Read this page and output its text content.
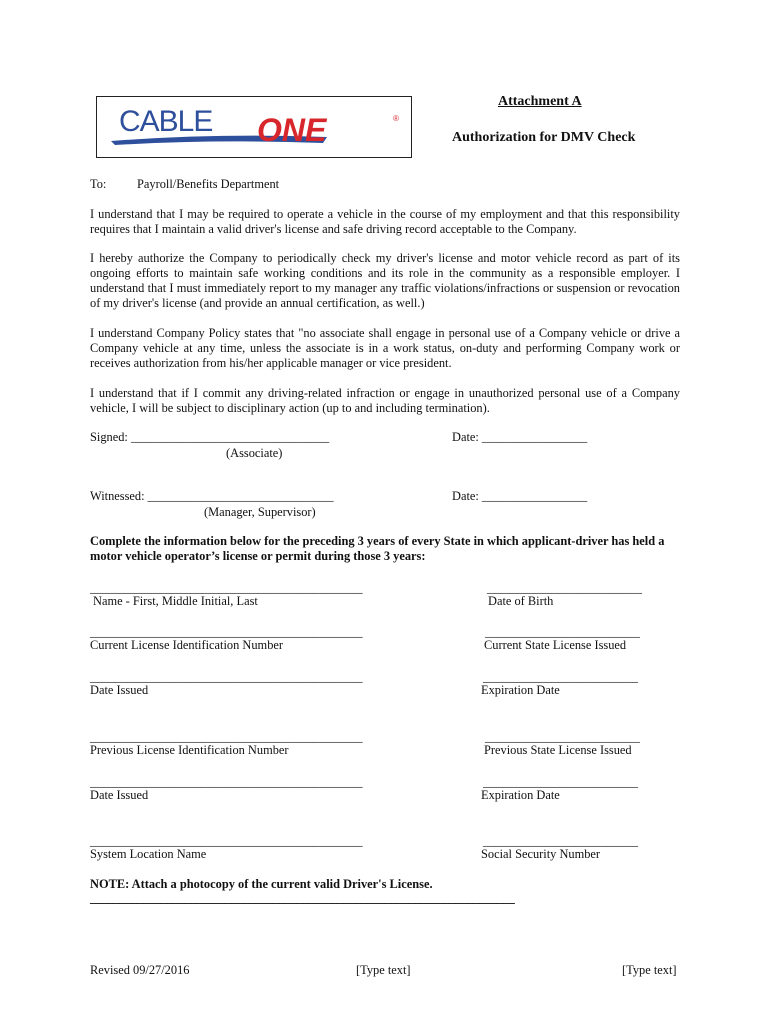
CABLE ONE	®
Attachment A
Authorization for DMV Check
To: Payroll/Benefits Department
I understand that I may be required to operate a vehicle in the course of my employment and that this responsibility requires that I maintain a valid driver's license and safe driving record acceptable to the Company.
I hereby authorize the Company to periodically check my driver's license and motor vehicle record as part of its ongoing efforts to maintain safe working conditions and its role in the community as a responsible employer. I understand that I must immediately report to my manager any traffic violations/infractions or suspension or revocation of my driver's license (and provide an annual certification, as well.)
I understand Company Policy states that "no associate shall engage in personal use of a Company vehicle or drive a Company vehicle at any time, unless the associate is in a work status, on-duty and performing Company work or receives authorization from his/her applicable manager or vice president.
I understand that if I commit any driving-related infraction or engage in unauthorized personal use of a Company vehicle, I will be subject to disciplinary action (up to and including termination).
Signed: ________________________________
(Associate)
Date: _________________
Witnessed: ______________________________
(Manager, Supervisor)
Date: _________________
Complete the information below for the preceding 3 years of every State in which applicant-driver has held a motor vehicle operator’s license or permit during those 3 years:
____________________________________________
Name - First, Middle Initial, Last
_________________________
Date of Birth
____________________________________________
Current License Identification Number
_________________________
Current State License Issued
____________________________________________
Date Issued
_________________________
Expiration Date
____________________________________________
Previous License Identification Number
_________________________
Previous State License Issued
____________________________________________
Date Issued
_________________________
Expiration Date
____________________________________________
System Location Name
_________________________
Social Security Number
NOTE: Attach a photocopy of the current valid Driver's License.
________________________________________________________________________
Revised 09/27/2016	[Type text]	[Type text]
